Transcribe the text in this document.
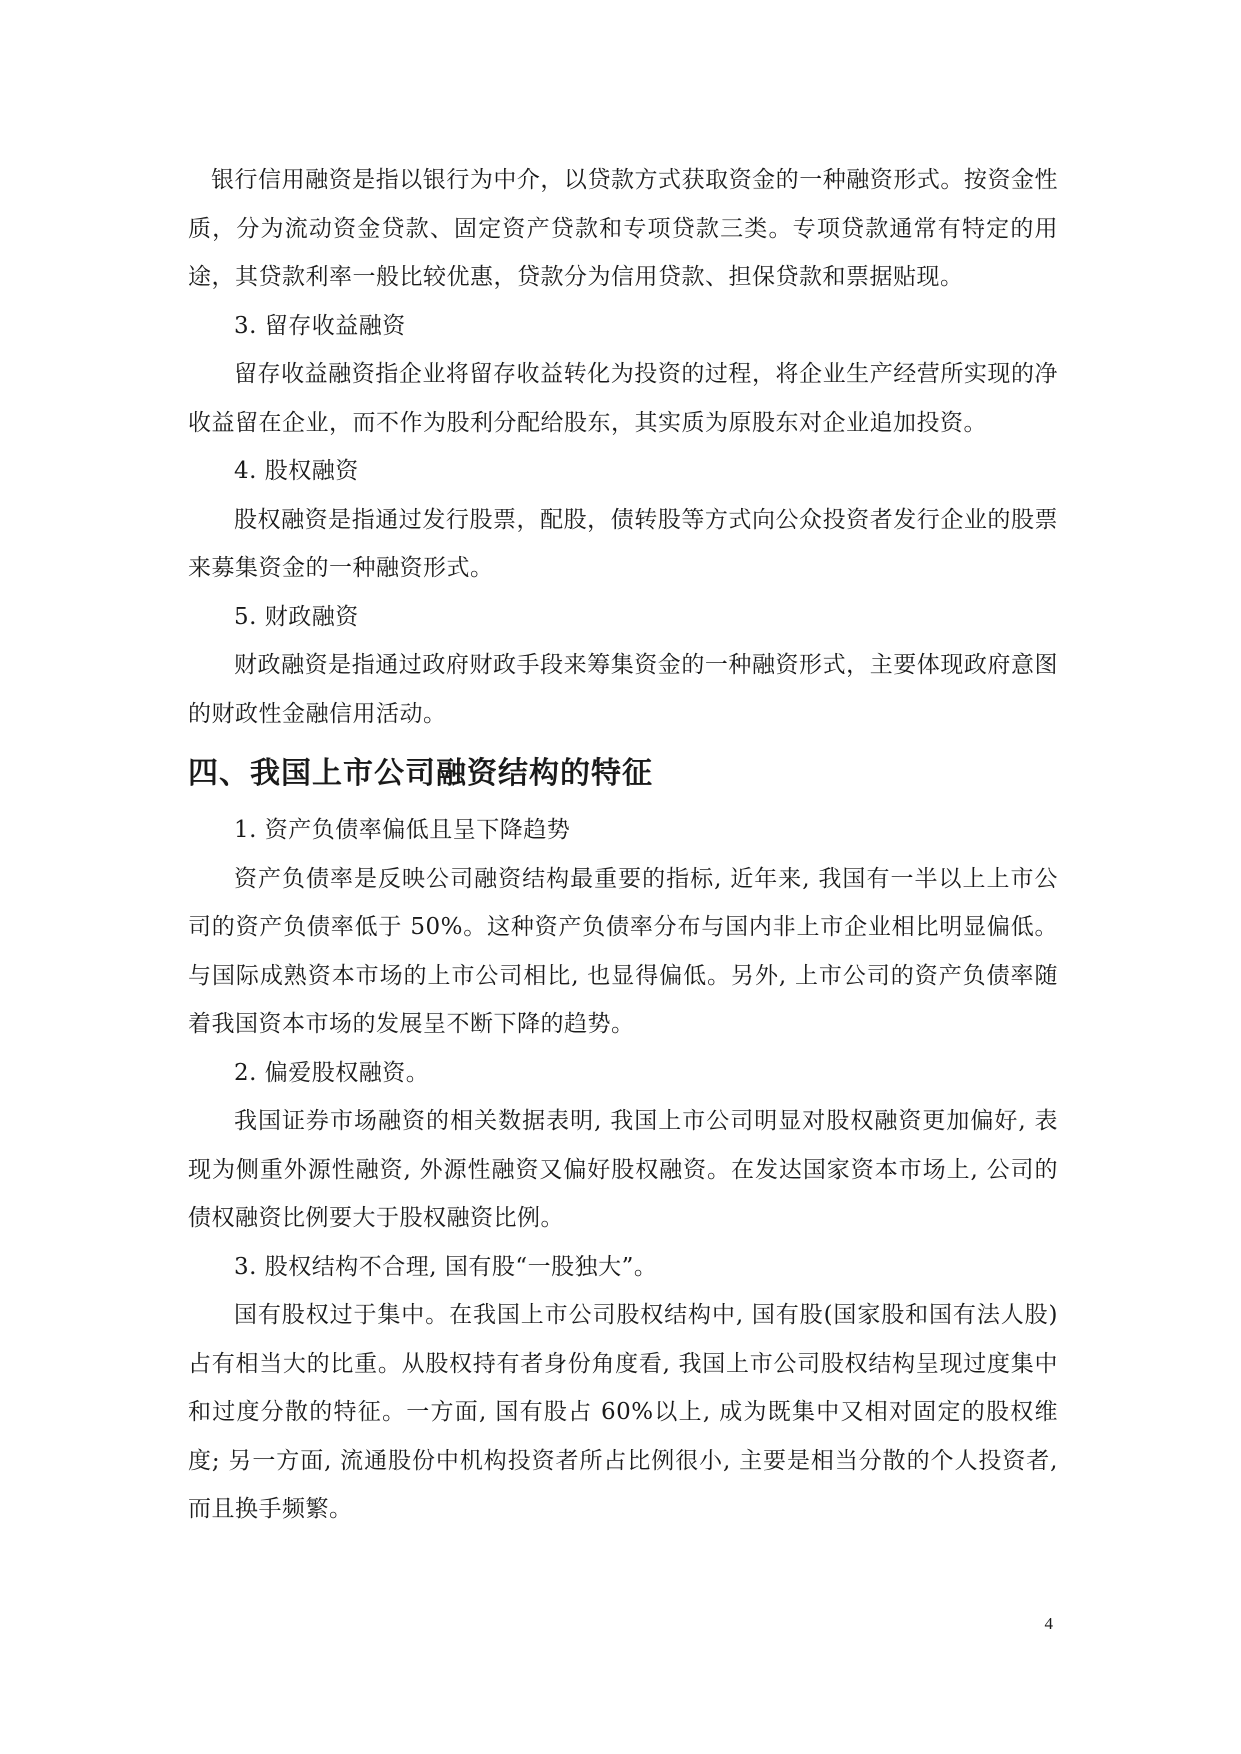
银行信用融资是指以银行为中介，以贷款方式获取资金的一种融资形式。按资金性质，分为流动资金贷款、固定资产贷款和专项贷款三类。专项贷款通常有特定的用途，其贷款利率一般比较优惠，贷款分为信用贷款、担保贷款和票据贴现。

3. 留存收益融资

留存收益融资指企业将留存收益转化为投资的过程，将企业生产经营所实现的净收益留在企业，而不作为股利分配给股东，其实质为原股东对企业追加投资。

4. 股权融资

股权融资是指通过发行股票，配股，债转股等方式向公众投资者发行企业的股票来募集资金的一种融资形式。

5. 财政融资

财政融资是指通过政府财政手段来筹集资金的一种融资形式，主要体现政府意图的财政性金融信用活动。

四、我国上市公司融资结构的特征

1. 资产负债率偏低且呈下降趋势

资产负债率是反映公司融资结构最重要的指标, 近年来, 我国有一半以上上市公司的资产负债率低于 50%。这种资产负债率分布与国内非上市企业相比明显偏低。与国际成熟资本市场的上市公司相比, 也显得偏低。另外, 上市公司的资产负债率随着我国资本市场的发展呈不断下降的趋势。

2. 偏爱股权融资。

我国证券市场融资的相关数据表明, 我国上市公司明显对股权融资更加偏好, 表现为侧重外源性融资, 外源性融资又偏好股权融资。在发达国家资本市场上, 公司的债权融资比例要大于股权融资比例。

3. 股权结构不合理, 国有股“一股独大”。

国有股权过于集中。在我国上市公司股权结构中, 国有股(国家股和国有法人股)占有相当大的比重。从股权持有者身份角度看, 我国上市公司股权结构呈现过度集中和过度分散的特征。一方面, 国有股占 60%以上, 成为既集中又相对固定的股权维度; 另一方面, 流通股份中机构投资者所占比例很小, 主要是相当分散的个人投资者, 而且换手频繁。

4
